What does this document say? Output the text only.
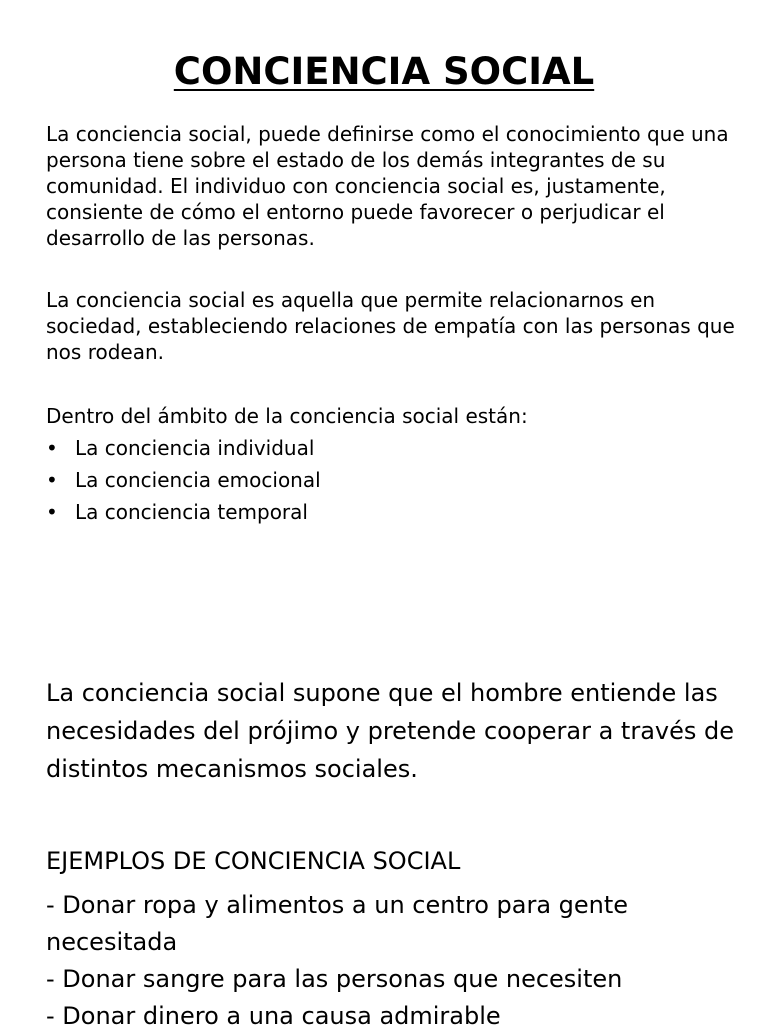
CONCIENCIA SOCIAL

La conciencia social, puede definirse como el conocimiento que una persona tiene sobre el estado de los demás integrantes de su comunidad. El individuo con conciencia social es, justamente, consiente de cómo el entorno puede favorecer o perjudicar el desarrollo de las personas.

La conciencia social es aquella que permite relacionarnos en sociedad, estableciendo relaciones de empatía con las personas que nos rodean.

Dentro del ámbito de la conciencia social están:

• La conciencia individual
• La conciencia emocional
• La conciencia temporal

La conciencia social supone que el hombre entiende las necesidades del prójimo y pretende cooperar a través de distintos mecanismos sociales.

EJEMPLOS DE CONCIENCIA SOCIAL

- Donar ropa y alimentos a un centro para gente necesitada
- Donar sangre para las personas que necesiten
- Donar dinero a una causa admirable
